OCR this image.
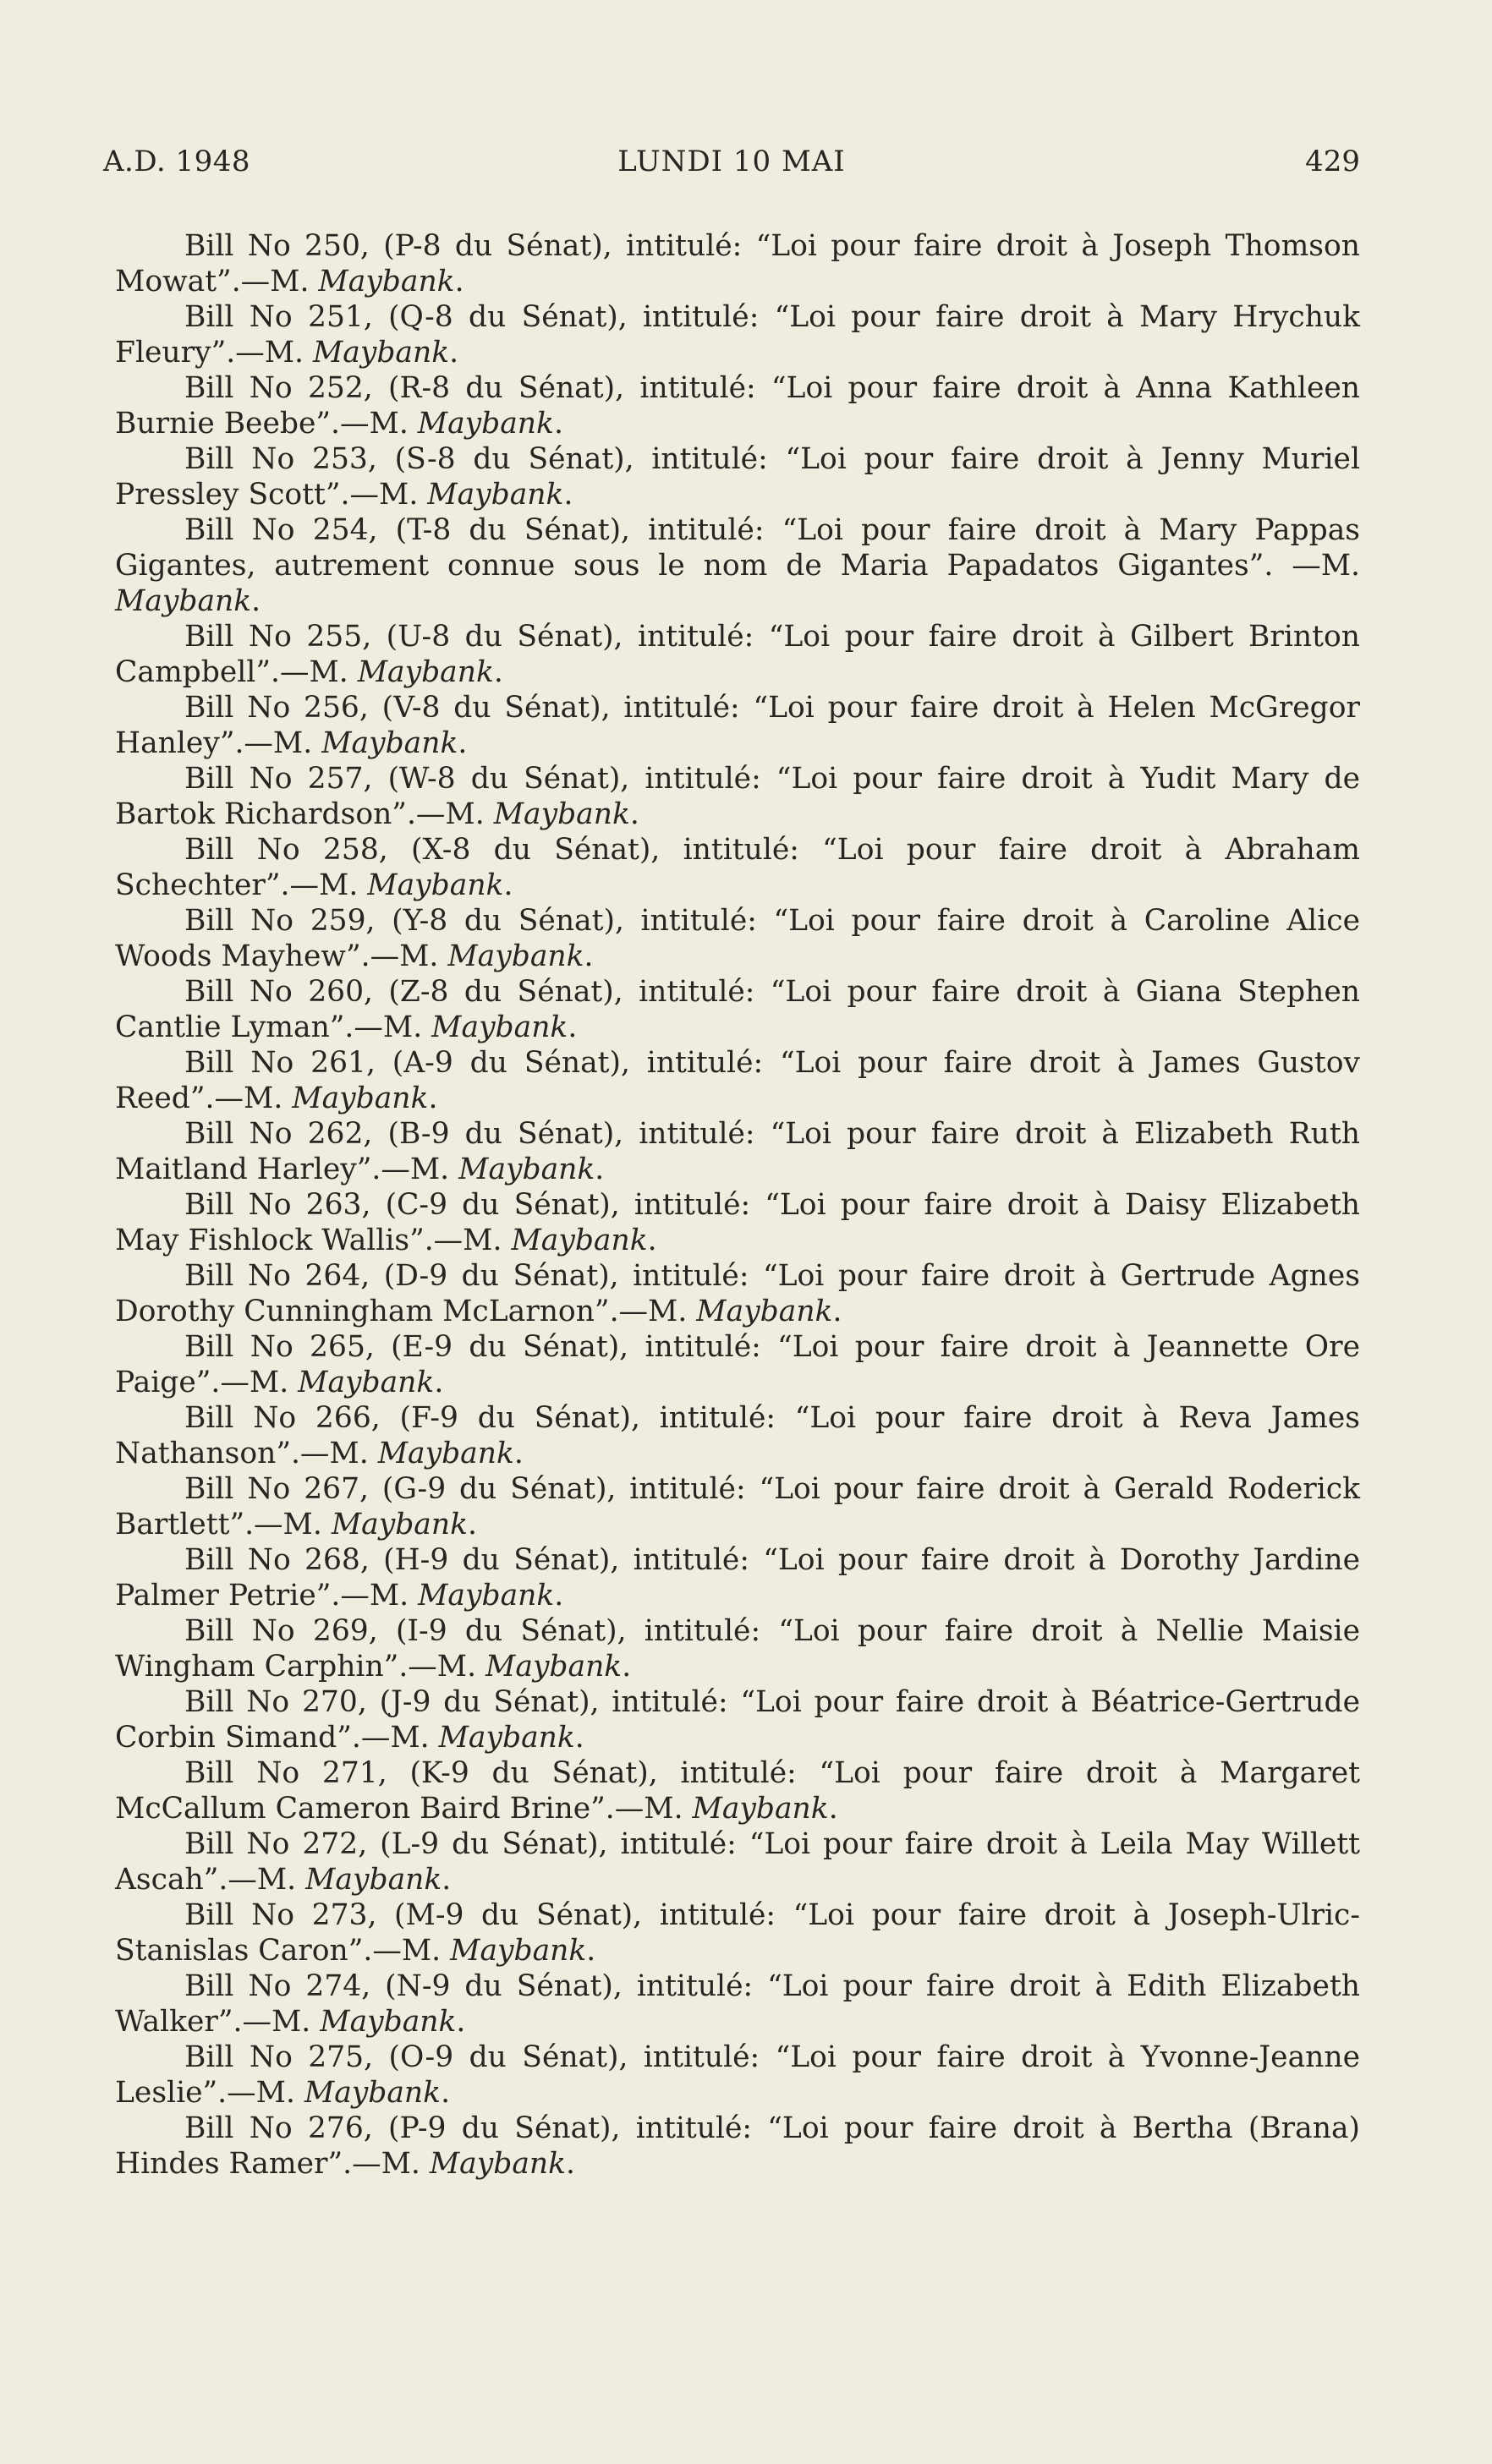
A.D. 1948	LUNDI 10 MAI	429

Bill No 250, (P-8 du Sénat), intitulé: “Loi pour faire droit à Joseph Thomson Mowat”.—M. Maybank.

Bill No 251, (Q-8 du Sénat), intitulé: “Loi pour faire droit à Mary Hrychuk Fleury”.—M. Maybank.

Bill No 252, (R-8 du Sénat), intitulé: “Loi pour faire droit à Anna Kathleen Burnie Beebe”.—M. Maybank.

Bill No 253, (S-8 du Sénat), intitulé: “Loi pour faire droit à Jenny Muriel Pressley Scott”.—M. Maybank.

Bill No 254, (T-8 du Sénat), intitulé: “Loi pour faire droit à Mary Pappas Gigantes, autrement connue sous le nom de Maria Papadatos Gigantes”. —M. Maybank.

Bill No 255, (U-8 du Sénat), intitulé: “Loi pour faire droit à Gilbert Brinton Campbell”.—M. Maybank.

Bill No 256, (V-8 du Sénat), intitulé: “Loi pour faire droit à Helen McGregor Hanley”.—M. Maybank.

Bill No 257, (W-8 du Sénat), intitulé: “Loi pour faire droit à Yudit Mary de Bartok Richardson”.—M. Maybank.

Bill No 258, (X-8 du Sénat), intitulé: “Loi pour faire droit à Abraham Schechter”.—M. Maybank.

Bill No 259, (Y-8 du Sénat), intitulé: “Loi pour faire droit à Caroline Alice Woods Mayhew”.—M. Maybank.

Bill No 260, (Z-8 du Sénat), intitulé: “Loi pour faire droit à Giana Stephen Cantlie Lyman”.—M. Maybank.

Bill No 261, (A-9 du Sénat), intitulé: “Loi pour faire droit à James Gustov Reed”.—M. Maybank.

Bill No 262, (B-9 du Sénat), intitulé: “Loi pour faire droit à Elizabeth Ruth Maitland Harley”.—M. Maybank.

Bill No 263, (C-9 du Sénat), intitulé: “Loi pour faire droit à Daisy Elizabeth May Fishlock Wallis”.—M. Maybank.

Bill No 264, (D-9 du Sénat), intitulé: “Loi pour faire droit à Gertrude Agnes Dorothy Cunningham McLarnon”.—M. Maybank.

Bill No 265, (E-9 du Sénat), intitulé: “Loi pour faire droit à Jeannette Ore Paige”.—M. Maybank.

Bill No 266, (F-9 du Sénat), intitulé: “Loi pour faire droit à Reva James Nathanson”.—M. Maybank.

Bill No 267, (G-9 du Sénat), intitulé: “Loi pour faire droit à Gerald Roderick Bartlett”.—M. Maybank.

Bill No 268, (H-9 du Sénat), intitulé: “Loi pour faire droit à Dorothy Jardine Palmer Petrie”.—M. Maybank.

Bill No 269, (I-9 du Sénat), intitulé: “Loi pour faire droit à Nellie Maisie Wingham Carphin”.—M. Maybank.

Bill No 270, (J-9 du Sénat), intitulé: “Loi pour faire droit à Béatrice-Gertrude Corbin Simand”.—M. Maybank.

Bill No 271, (K-9 du Sénat), intitulé: “Loi pour faire droit à Margaret McCallum Cameron Baird Brine”.—M. Maybank.

Bill No 272, (L-9 du Sénat), intitulé: “Loi pour faire droit à Leila May Willett Ascah”.—M. Maybank.

Bill No 273, (M-9 du Sénat), intitulé: “Loi pour faire droit à Joseph-Ulric-Stanislas Caron”.—M. Maybank.

Bill No 274, (N-9 du Sénat), intitulé: “Loi pour faire droit à Edith Elizabeth Walker”.—M. Maybank.

Bill No 275, (O-9 du Sénat), intitulé: “Loi pour faire droit à Yvonne-Jeanne Leslie”.—M. Maybank.

Bill No 276, (P-9 du Sénat), intitulé: “Loi pour faire droit à Bertha (Brana) Hindes Ramer”.—M. Maybank.
